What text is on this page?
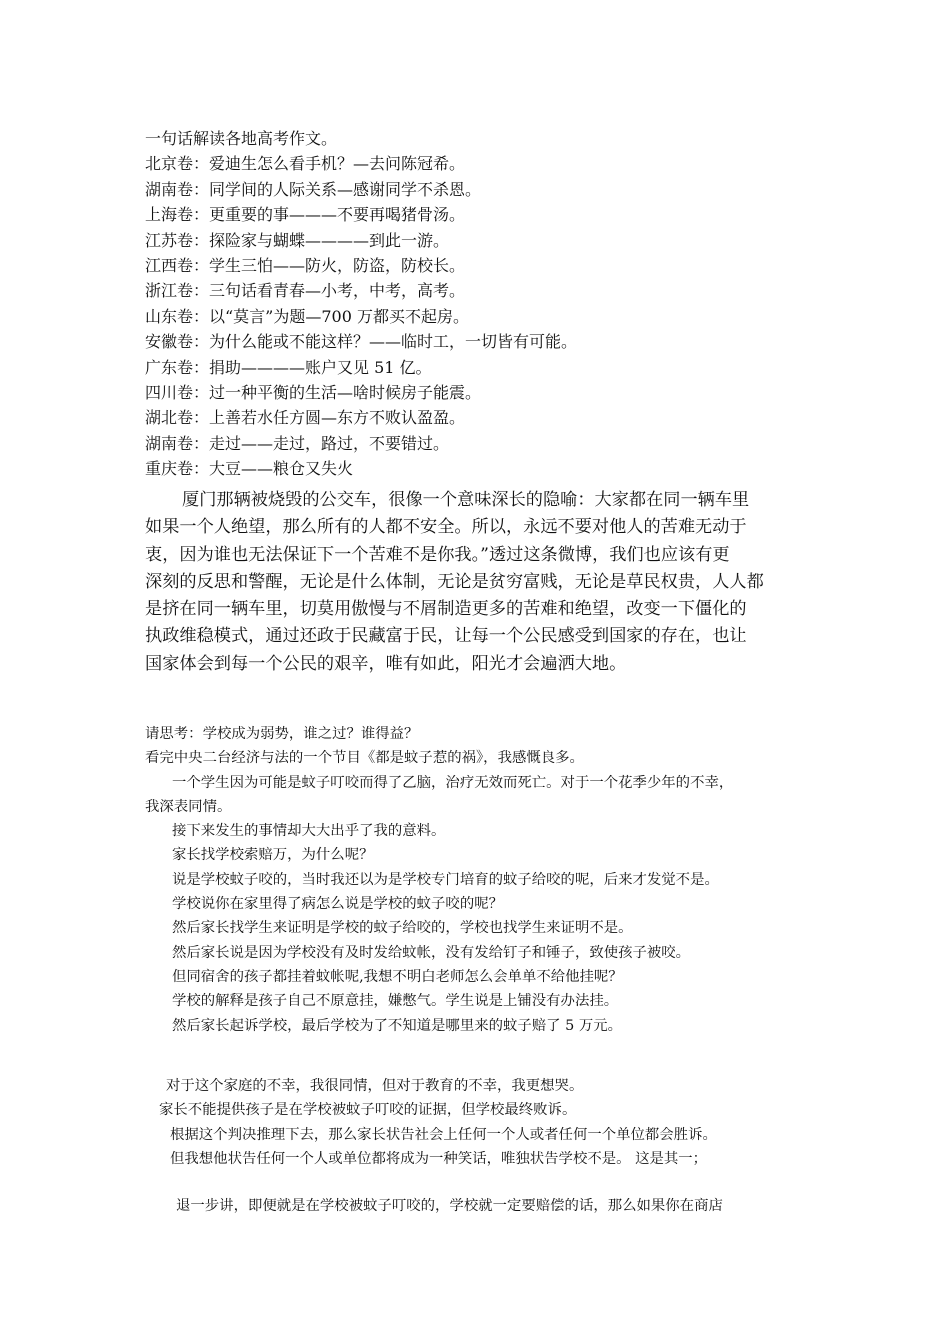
一句话解读各地高考作文。
北京卷：爱迪生怎么看手机？—去问陈冠希。
湖南卷：同学间的人际关系—感谢同学不杀恩。
上海卷：更重要的事———不要再喝猪骨汤。
江苏卷：探险家与蝴蝶————到此一游。
江西卷：学生三怕——防火，防盗，防校长。
浙江卷：三句话看青春—小考，中考，高考。
山东卷：以“莫言”为题—700 万都买不起房。
安徽卷：为什么能或不能这样？——临时工，一切皆有可能。
广东卷：捐助————账户又见 51 亿。
四川卷：过一种平衡的生活—啥时候房子能震。
湖北卷：上善若水任方圆—东方不败认盈盈。
湖南卷：走过——走过，路过，不要错过。
重庆卷：大豆——粮仓又失火
厦门那辆被烧毁的公交车，很像一个意味深长的隐喻：大家都在同一辆车里
如果一个人绝望，那么所有的人都不安全。所以，永远不要对他人的苦难无动于
衷，因为谁也无法保证下一个苦难不是你我。”透过这条微博，我们也应该有更
深刻的反思和警醒，无论是什么体制，无论是贫穷富贱，无论是草民权贵，人人都
是挤在同一辆车里，切莫用傲慢与不屑制造更多的苦难和绝望，改变一下僵化的
执政维稳模式，通过还政于民藏富于民，让每一个公民感受到国家的存在，也让
国家体会到每一个公民的艰辛，唯有如此，阳光才会遍洒大地。
请思考：学校成为弱势，谁之过？谁得益？
看完中央二台经济与法的一个节目《都是蚊子惹的祸》，我感慨良多。
一个学生因为可能是蚊子叮咬而得了乙脑，治疗无效而死亡。对于一个花季少年的不幸，
我深表同情。
接下来发生的事情却大大出乎了我的意料。
家长找学校索赔万，为什么呢？
说是学校蚊子咬的，当时我还以为是学校专门培育的蚊子给咬的呢，后来才发觉不是。
学校说你在家里得了病怎么说是学校的蚊子咬的呢？
然后家长找学生来证明是学校的蚊子给咬的，学校也找学生来证明不是。
然后家长说是因为学校没有及时发给蚊帐，没有发给钉子和锤子，致使孩子被咬。
但同宿舍的孩子都挂着蚊帐呢,我想不明白老师怎么会单单不给他挂呢？
学校的解释是孩子自己不原意挂，嫌憋气。学生说是上铺没有办法挂。
然后家长起诉学校，最后学校为了不知道是哪里来的蚊子赔了 5 万元。
对于这个家庭的不幸，我很同情，但对于教育的不幸，我更想哭。
家长不能提供孩子是在学校被蚊子叮咬的证据，但学校最终败诉。
根据这个判决推理下去，那么家长状告社会上任何一个人或者任何一个单位都会胜诉。
但我想他状告任何一个人或单位都将成为一种笑话，唯独状告学校不是。 这是其一；
退一步讲，即便就是在学校被蚊子叮咬的，学校就一定要赔偿的话，那么如果你在商店
